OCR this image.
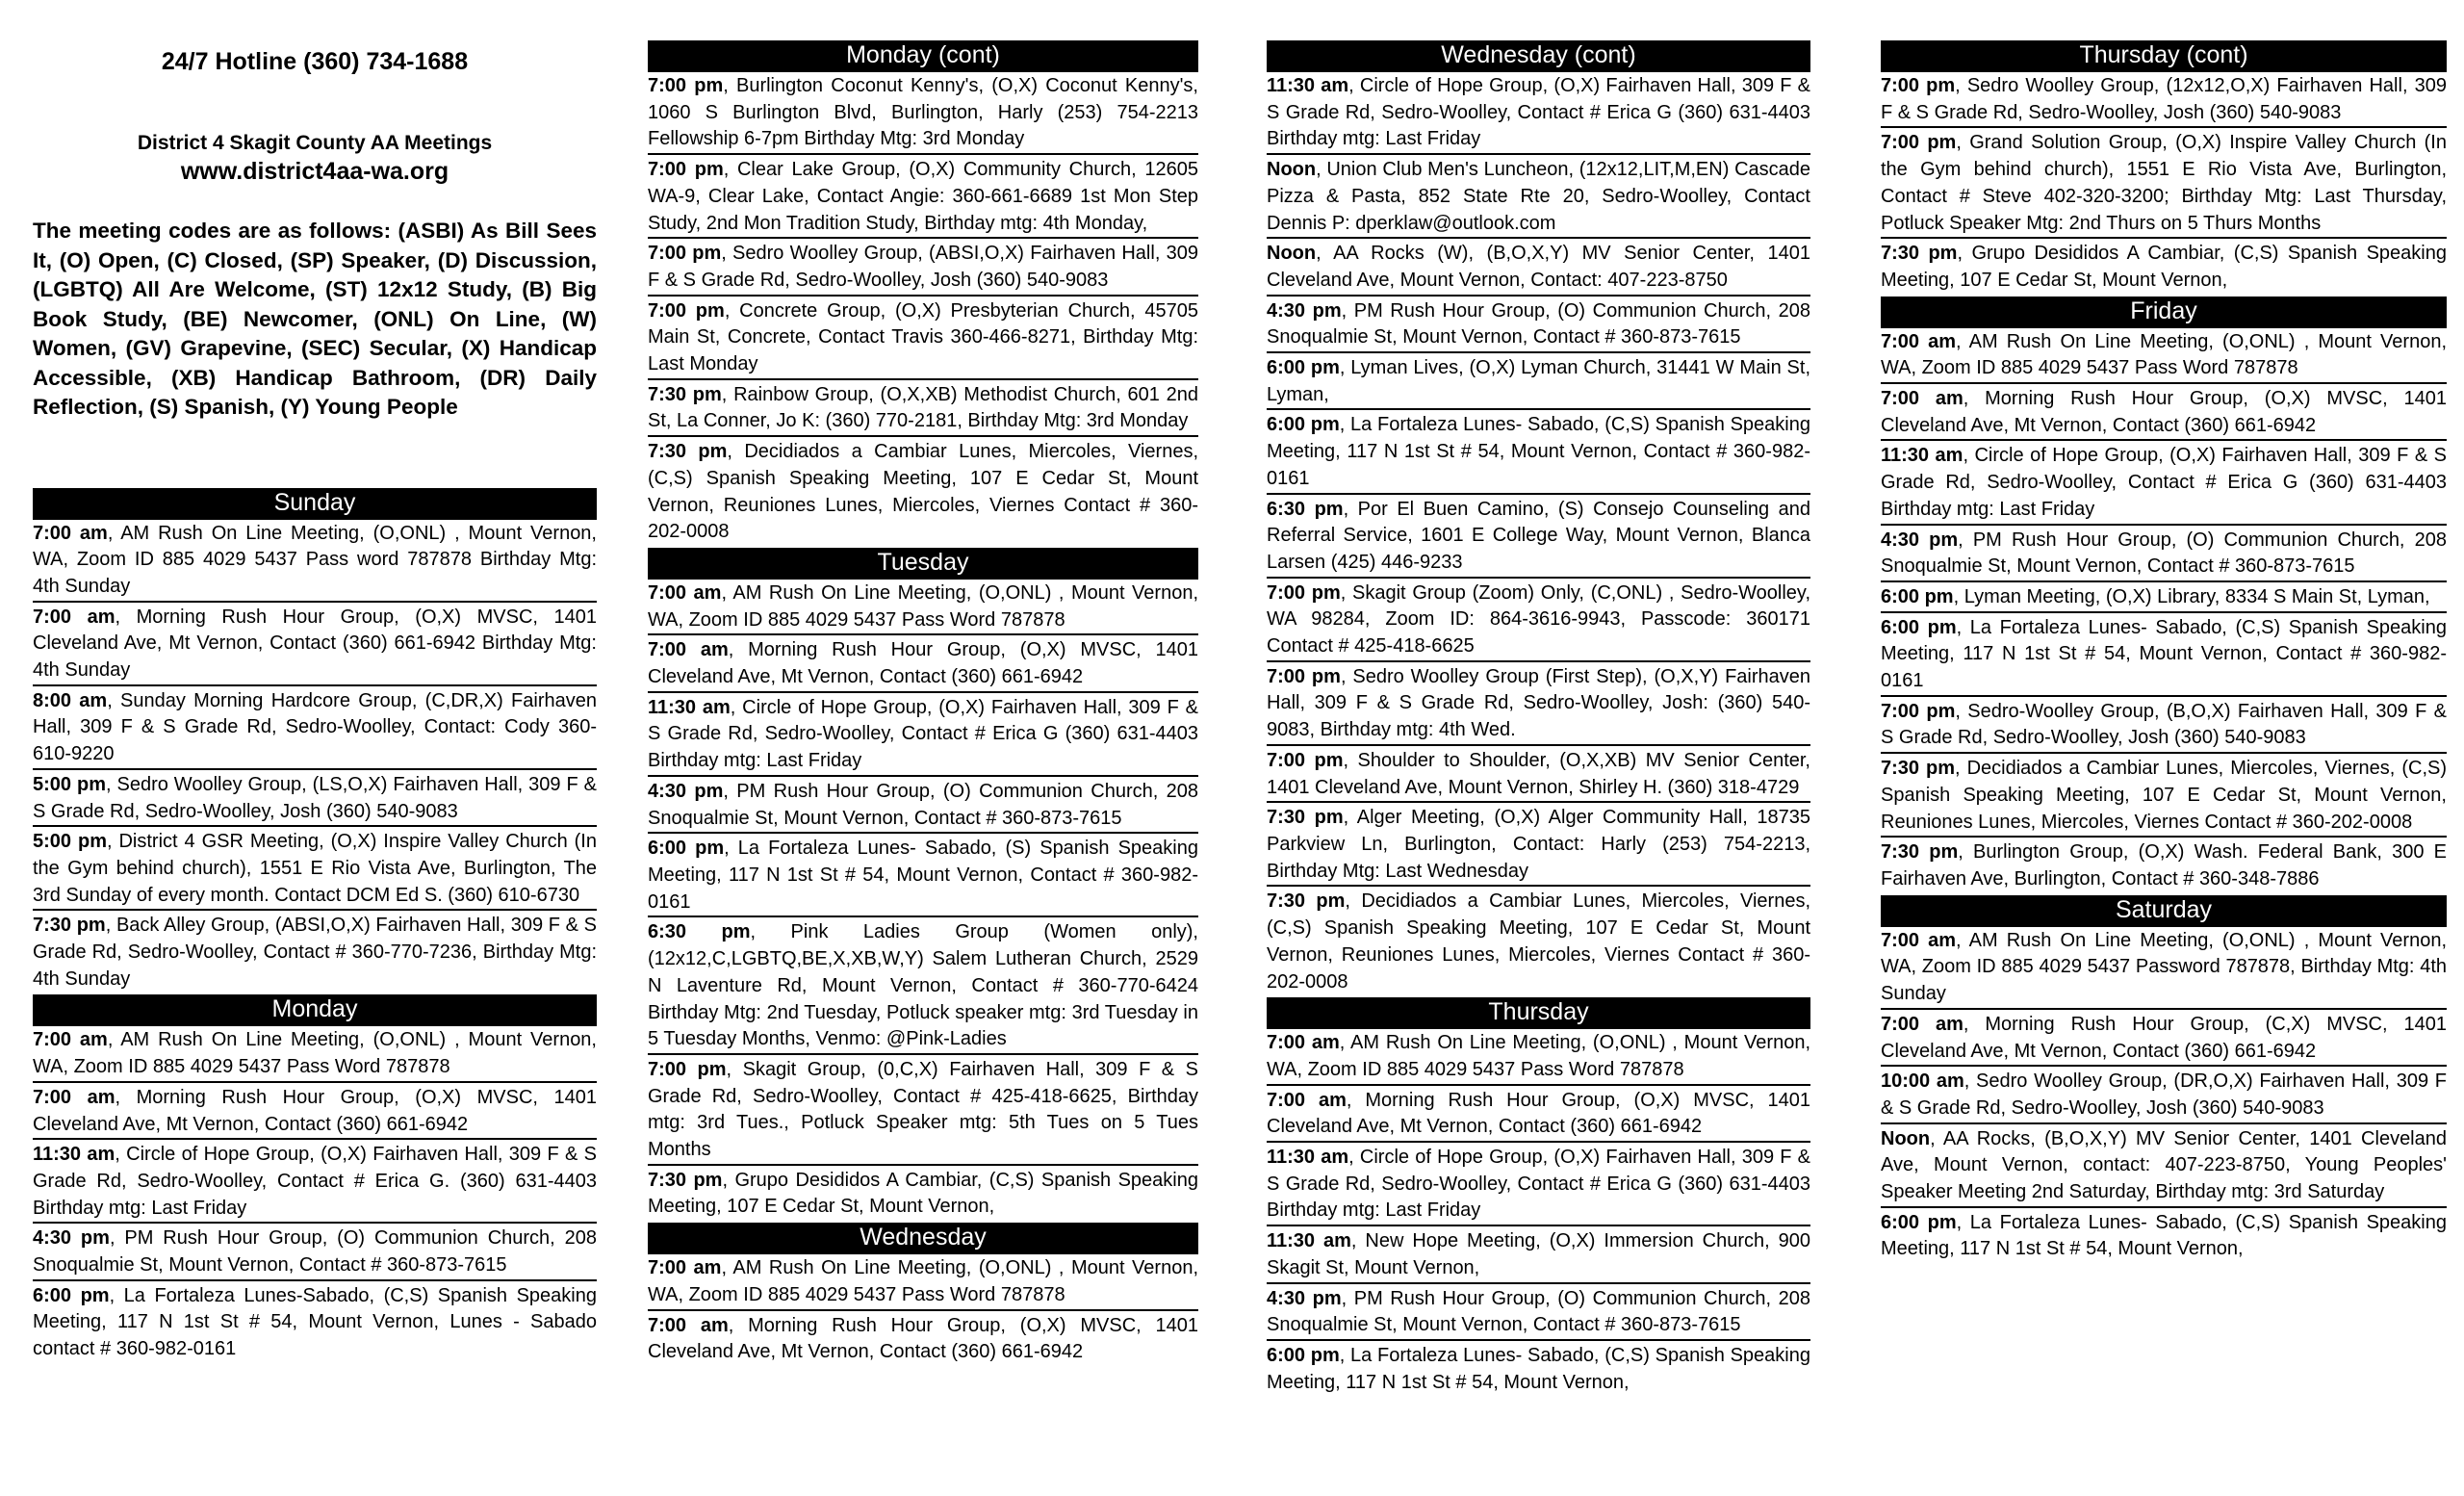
24/7 Hotline (360) 734-1688
District 4 Skagit County AA Meetings
www.district4aa-wa.org
The meeting codes are as follows: (ASBI) As Bill Sees It, (O) Open, (C) Closed, (SP) Speaker, (D) Discussion, (LGBTQ) All Are Welcome, (ST) 12x12 Study, (B) Big Book Study, (BE) Newcomer, (ONL) On Line, (W) Women, (GV) Grapevine, (SEC) Secular, (X) Handicap Accessible, (XB) Handicap Bathroom, (DR) Daily Reflection, (S) Spanish, (Y) Young People
Sunday
7:00 am, AM Rush On Line Meeting, (O,ONL) , Mount Vernon, WA, Zoom ID 885 4029 5437 Pass word 787878 Birthday Mtg: 4th Sunday
7:00 am, Morning Rush Hour Group, (O,X) MVSC, 1401 Cleveland Ave, Mt Vernon, Contact (360) 661-6942 Birthday Mtg: 4th Sunday
8:00 am, Sunday Morning Hardcore Group, (C,DR,X) Fairhaven Hall, 309 F & S Grade Rd, Sedro-Woolley, Contact: Cody 360-610-9220
5:00 pm, Sedro Woolley Group, (LS,O,X) Fairhaven Hall, 309 F & S Grade Rd, Sedro-Woolley, Josh (360) 540-9083
5:00 pm, District 4 GSR Meeting, (O,X) Inspire Valley Church (In the Gym behind church), 1551 E Rio Vista Ave, Burlington, The 3rd Sunday of every month. Contact DCM Ed S. (360) 610-6730
7:30 pm, Back Alley Group, (ABSI,O,X) Fairhaven Hall, 309 F & S Grade Rd, Sedro-Woolley, Contact # 360-770-7236, Birthday Mtg: 4th Sunday
Monday
7:00 am, AM Rush On Line Meeting, (O,ONL) , Mount Vernon, WA, Zoom ID 885 4029 5437 Pass Word 787878
7:00 am, Morning Rush Hour Group, (O,X) MVSC, 1401 Cleveland Ave, Mt Vernon, Contact (360) 661-6942
11:30 am, Circle of Hope Group, (O,X) Fairhaven Hall, 309 F & S Grade Rd, Sedro-Woolley, Contact # Erica G. (360) 631-4403 Birthday mtg: Last Friday
4:30 pm, PM Rush Hour Group, (O) Communion Church, 208 Snoqualmie St, Mount Vernon, Contact # 360-873-7615
6:00 pm, La Fortaleza Lunes-Sabado, (C,S) Spanish Speaking Meeting, 117 N 1st St # 54, Mount Vernon, Lunes - Sabado contact # 360-982-0161
Monday (cont)
7:00 pm, Burlington Coconut Kenny's, (O,X) Coconut Kenny's, 1060 S Burlington Blvd, Burlington, Harly (253) 754-2213 Fellowship 6-7pm Birthday Mtg: 3rd Monday
7:00 pm, Clear Lake Group, (O,X) Community Church, 12605 WA-9, Clear Lake, Contact Angie: 360-661-6689 1st Mon Step Study, 2nd Mon Tradition Study, Birthday mtg: 4th Monday,
7:00 pm, Sedro Woolley Group, (ABSI,O,X) Fairhaven Hall, 309 F & S Grade Rd, Sedro-Woolley, Josh (360) 540-9083
7:00 pm, Concrete Group, (O,X) Presbyterian Church, 45705 Main St, Concrete, Contact Travis 360-466-8271, Birthday Mtg: Last Monday
7:30 pm, Rainbow Group, (O,X,XB) Methodist Church, 601 2nd St, La Conner, Jo K: (360) 770-2181, Birthday Mtg: 3rd Monday
7:30 pm, Decidiados a Cambiar Lunes, Miercoles, Viernes, (C,S) Spanish Speaking Meeting, 107 E Cedar St, Mount Vernon, Reuniones Lunes, Miercoles, Viernes Contact # 360-202-0008
Tuesday
7:00 am, AM Rush On Line Meeting, (O,ONL) , Mount Vernon, WA, Zoom ID 885 4029 5437 Pass Word 787878
7:00 am, Morning Rush Hour Group, (O,X) MVSC, 1401 Cleveland Ave, Mt Vernon, Contact (360) 661-6942
11:30 am, Circle of Hope Group, (O,X) Fairhaven Hall, 309 F & S Grade Rd, Sedro-Woolley, Contact # Erica G (360) 631-4403 Birthday mtg: Last Friday
4:30 pm, PM Rush Hour Group, (O) Communion Church, 208 Snoqualmie St, Mount Vernon, Contact # 360-873-7615
6:00 pm, La Fortaleza Lunes- Sabado, (S) Spanish Speaking Meeting, 117 N 1st St # 54, Mount Vernon, Contact # 360-982-0161
6:30 pm, Pink Ladies Group (Women only), (12x12,C,LGBTQ,BE,X,XB,W,Y) Salem Lutheran Church, 2529 N Laventure Rd, Mount Vernon, Contact # 360-770-6424 Birthday Mtg: 2nd Tuesday, Potluck speaker mtg: 3rd Tuesday in 5 Tuesday Months, Venmo: @Pink-Ladies
7:00 pm, Skagit Group, (0,C,X) Fairhaven Hall, 309 F & S Grade Rd, Sedro-Woolley, Contact # 425-418-6625, Birthday mtg: 3rd Tues., Potluck Speaker mtg: 5th Tues on 5 Tues Months
7:30 pm, Grupo Desididos A Cambiar, (C,S) Spanish Speaking Meeting, 107 E Cedar St, Mount Vernon,
Wednesday
7:00 am, AM Rush On Line Meeting, (O,ONL) , Mount Vernon, WA, Zoom ID 885 4029 5437 Pass Word 787878
7:00 am, Morning Rush Hour Group, (O,X) MVSC, 1401 Cleveland Ave, Mt Vernon, Contact (360) 661-6942
Wednesday (cont)
11:30 am, Circle of Hope Group, (O,X) Fairhaven Hall, 309 F & S Grade Rd, Sedro-Woolley, Contact # Erica G (360) 631-4403 Birthday mtg: Last Friday
Noon, Union Club Men's Luncheon, (12x12,LIT,M,EN) Cascade Pizza & Pasta, 852 State Rte 20, Sedro-Woolley, Contact Dennis P: dperklaw@outlook.com
Noon, AA Rocks (W), (B,O,X,Y) MV Senior Center, 1401 Cleveland Ave, Mount Vernon, Contact: 407-223-8750
4:30 pm, PM Rush Hour Group, (O) Communion Church, 208 Snoqualmie St, Mount Vernon, Contact # 360-873-7615
6:00 pm, Lyman Lives, (O,X) Lyman Church, 31441 W Main St, Lyman,
6:00 pm, La Fortaleza Lunes- Sabado, (C,S) Spanish Speaking Meeting, 117 N 1st St # 54, Mount Vernon, Contact # 360-982-0161
6:30 pm, Por El Buen Camino, (S) Consejo Counseling and Referral Service, 1601 E College Way, Mount Vernon, Blanca Larsen (425) 446-9233
7:00 pm, Skagit Group (Zoom) Only, (C,ONL) , Sedro-Woolley, WA 98284, Zoom ID: 864-3616-9943, Passcode: 360171 Contact # 425-418-6625
7:00 pm, Sedro Woolley Group (First Step), (O,X,Y) Fairhaven Hall, 309 F & S Grade Rd, Sedro-Woolley, Josh: (360) 540-9083, Birthday mtg: 4th Wed.
7:00 pm, Shoulder to Shoulder, (O,X,XB) MV Senior Center, 1401 Cleveland Ave, Mount Vernon, Shirley H. (360) 318-4729
7:30 pm, Alger Meeting, (O,X) Alger Community Hall, 18735 Parkview Ln, Burlington, Contact: Harly (253) 754-2213, Birthday Mtg: Last Wednesday
7:30 pm, Decidiados a Cambiar Lunes, Miercoles, Viernes, (C,S) Spanish Speaking Meeting, 107 E Cedar St, Mount Vernon, Reuniones Lunes, Miercoles, Viernes Contact # 360-202-0008
Thursday
7:00 am, AM Rush On Line Meeting, (O,ONL) , Mount Vernon, WA, Zoom ID 885 4029 5437 Pass Word 787878
7:00 am, Morning Rush Hour Group, (O,X) MVSC, 1401 Cleveland Ave, Mt Vernon, Contact (360) 661-6942
11:30 am, Circle of Hope Group, (O,X) Fairhaven Hall, 309 F & S Grade Rd, Sedro-Woolley, Contact # Erica G (360) 631-4403 Birthday mtg: Last Friday
11:30 am, New Hope Meeting, (O,X) Immersion Church, 900 Skagit St, Mount Vernon,
4:30 pm, PM Rush Hour Group, (O) Communion Church, 208 Snoqualmie St, Mount Vernon, Contact # 360-873-7615
6:00 pm, La Fortaleza Lunes- Sabado, (C,S) Spanish Speaking Meeting, 117 N 1st St # 54, Mount Vernon,
Thursday (cont)
7:00 pm, Sedro Woolley Group, (12x12,O,X) Fairhaven Hall, 309 F & S Grade Rd, Sedro-Woolley, Josh (360) 540-9083
7:00 pm, Grand Solution Group, (O,X) Inspire Valley Church (In the Gym behind church), 1551 E Rio Vista Ave, Burlington, Contact # Steve 402-320-3200; Birthday Mtg: Last Thursday, Potluck Speaker Mtg: 2nd Thurs on 5 Thurs Months
7:30 pm, Grupo Desididos A Cambiar, (C,S) Spanish Speaking Meeting, 107 E Cedar St, Mount Vernon,
Friday
7:00 am, AM Rush On Line Meeting, (O,ONL) , Mount Vernon, WA, Zoom ID 885 4029 5437 Pass Word 787878
7:00 am, Morning Rush Hour Group, (O,X) MVSC, 1401 Cleveland Ave, Mt Vernon, Contact (360) 661-6942
11:30 am, Circle of Hope Group, (O,X) Fairhaven Hall, 309 F & S Grade Rd, Sedro-Woolley, Contact # Erica G (360) 631-4403 Birthday mtg: Last Friday
4:30 pm, PM Rush Hour Group, (O) Communion Church, 208 Snoqualmie St, Mount Vernon, Contact # 360-873-7615
6:00 pm, Lyman Meeting, (O,X) Library, 8334 S Main St, Lyman,
6:00 pm, La Fortaleza Lunes- Sabado, (C,S) Spanish Speaking Meeting, 117 N 1st St # 54, Mount Vernon, Contact # 360-982-0161
7:00 pm, Sedro-Woolley Group, (B,O,X) Fairhaven Hall, 309 F & S Grade Rd, Sedro-Woolley, Josh (360) 540-9083
7:30 pm, Decidiados a Cambiar Lunes, Miercoles, Viernes, (C,S) Spanish Speaking Meeting, 107 E Cedar St, Mount Vernon, Reuniones Lunes, Miercoles, Viernes Contact # 360-202-0008
7:30 pm, Burlington Group, (O,X) Wash. Federal Bank, 300 E Fairhaven Ave, Burlington, Contact # 360-348-7886
Saturday
7:00 am, AM Rush On Line Meeting, (O,ONL) , Mount Vernon, WA, Zoom ID 885 4029 5437 Password 787878, Birthday Mtg: 4th Sunday
7:00 am, Morning Rush Hour Group, (C,X) MVSC, 1401 Cleveland Ave, Mt Vernon, Contact (360) 661-6942
10:00 am, Sedro Woolley Group, (DR,O,X) Fairhaven Hall, 309 F & S Grade Rd, Sedro-Woolley, Josh (360) 540-9083
Noon, AA Rocks, (B,O,X,Y) MV Senior Center, 1401 Cleveland Ave, Mount Vernon, contact: 407-223-8750, Young Peoples' Speaker Meeting 2nd Saturday, Birthday mtg: 3rd Saturday
6:00 pm, La Fortaleza Lunes- Sabado, (C,S) Spanish Speaking Meeting, 117 N 1st St # 54, Mount Vernon,
